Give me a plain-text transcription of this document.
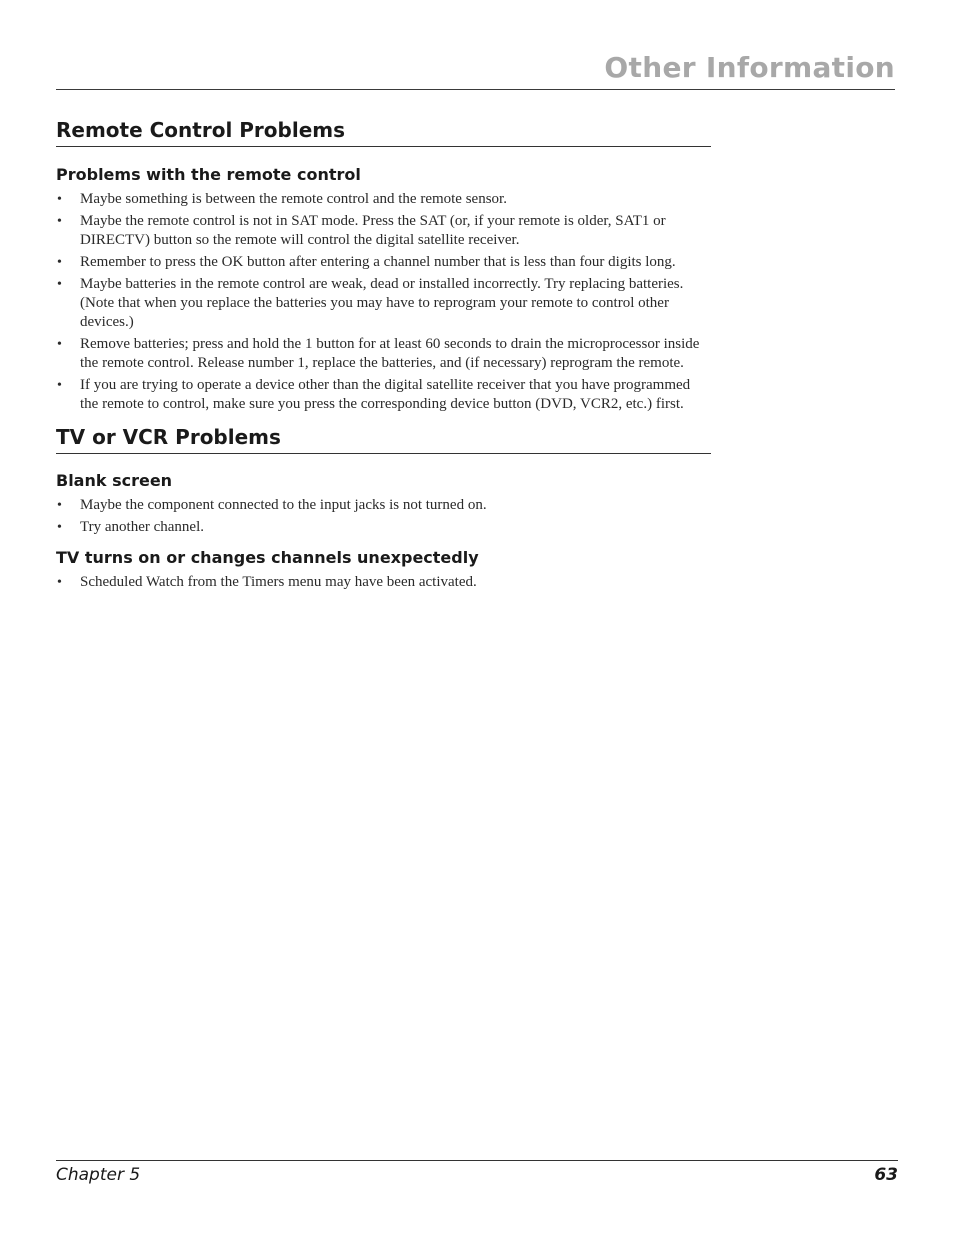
Other Information
Remote Control Problems
Problems with the remote control
• Maybe something is between the remote control and the remote sensor.
• Maybe the remote control is not in SAT mode. Press the SAT (or, if your remote is older, SAT1 or DIRECTV) button so the remote will control the digital satellite receiver.
• Remember to press the OK button after entering a channel number that is less than four digits long.
• Maybe batteries in the remote control are weak, dead or installed incorrectly. Try replacing batteries. (Note that when you replace the batteries you may have to reprogram your remote to control other devices.)
• Remove batteries; press and hold the 1 button for at least 60 seconds to drain the microprocessor inside the remote control. Release number 1, replace the batteries, and (if necessary) reprogram the remote.
• If you are trying to operate a device other than the digital satellite receiver that you have programmed the remote to control, make sure you press the corresponding device button (DVD, VCR2, etc.) first.
TV or VCR Problems
Blank screen
• Maybe the component connected to the input jacks is not turned on.
• Try another channel.
TV turns on or changes channels unexpectedly
• Scheduled Watch from the Timers menu may have been activated.
Chapter 5	63
